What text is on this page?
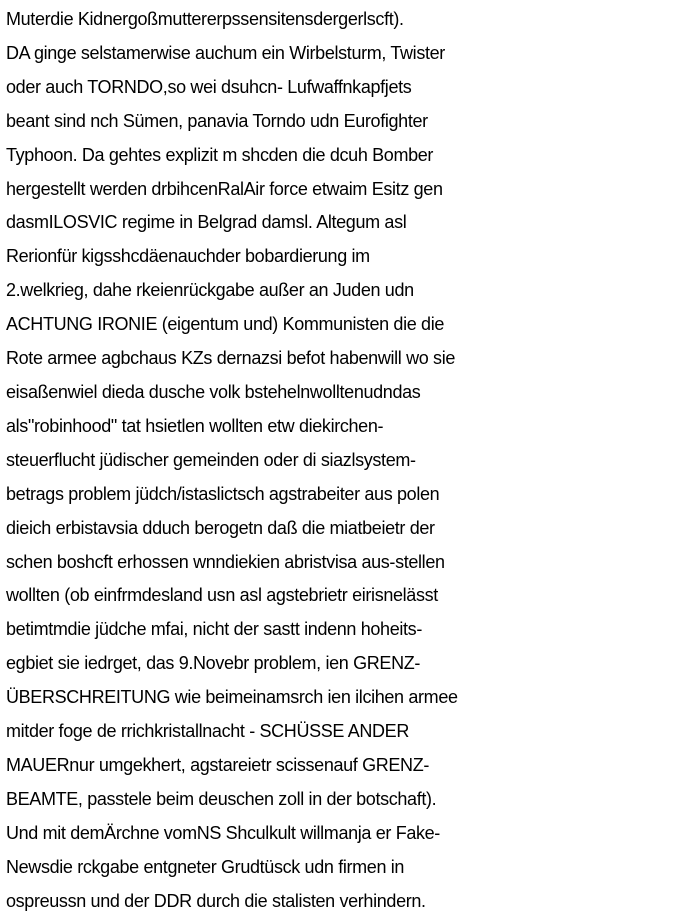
Muterdie Kidnergoßmuttererpssensitensdergerlscft).
DA ginge selstamerwise auchum ein Wirbelsturm, Twister
oder auch TORNDO,so wei dsuhcn- Lufwaffnkapfjets
beant sind nch Sümen, panavia Torndo udn Eurofighter
Typhoon. Da gehtes explizit m shcden die dcuh Bomber
hergestellt werden drbihcenRalAir force etwaim Esitz gen
dasmILOSVIC regime in Belgrad damsl. Altegum asl
Rerionfür kigsshcdäenauchder bobardierung im
2.welkrieg, dahe rkeienrückgabe außer an Juden udn
ACHTUNG IRONIE (eigentum und) Kommunisten die die
Rote armee agbchaus KZs dernazsi befot habenwill wo sie
eisaßenwiel dieda dusche volk bstehelnwolltenudndas
als"robinhood" tat hsietlen wollten etw diekirchen-
steuerflucht jüdischer gemeinden oder di siazlsystem-
betrags problem jüdch/istaslictsch agstrabeiter aus polen
dieich erbistavsia dduch berogetn daß die miatbeietr der
schen boshcft erhossen wnndiekien abristvisa aus-stellen
wollten (ob einfrmdesland usn asl agstebrietr eirisnelässt
betimtmdie jüdche mfai, nicht der sastt indenn hoheits-
egbiet sie iedrget, das 9.Novebr problem, ien GRENZ-
ÜBERSCHREITUNG wie beimeinamsrch ien ilcihen armee
mitder foge de rrichkristallnacht - SCHÜSSE ANDER
MAUERnur umgekhert, agstareietr scissenauf GRENZ-
BEAMTE, passtele beim deuschen zoll in der botschaft).
Und mit demÄrchne vomNS Shculkult willmanja er Fake-
Newsdie rckgabe entgneter Grudtüsck udn firmen in
ospreussn und der DDR durch die stalisten verhindern.
